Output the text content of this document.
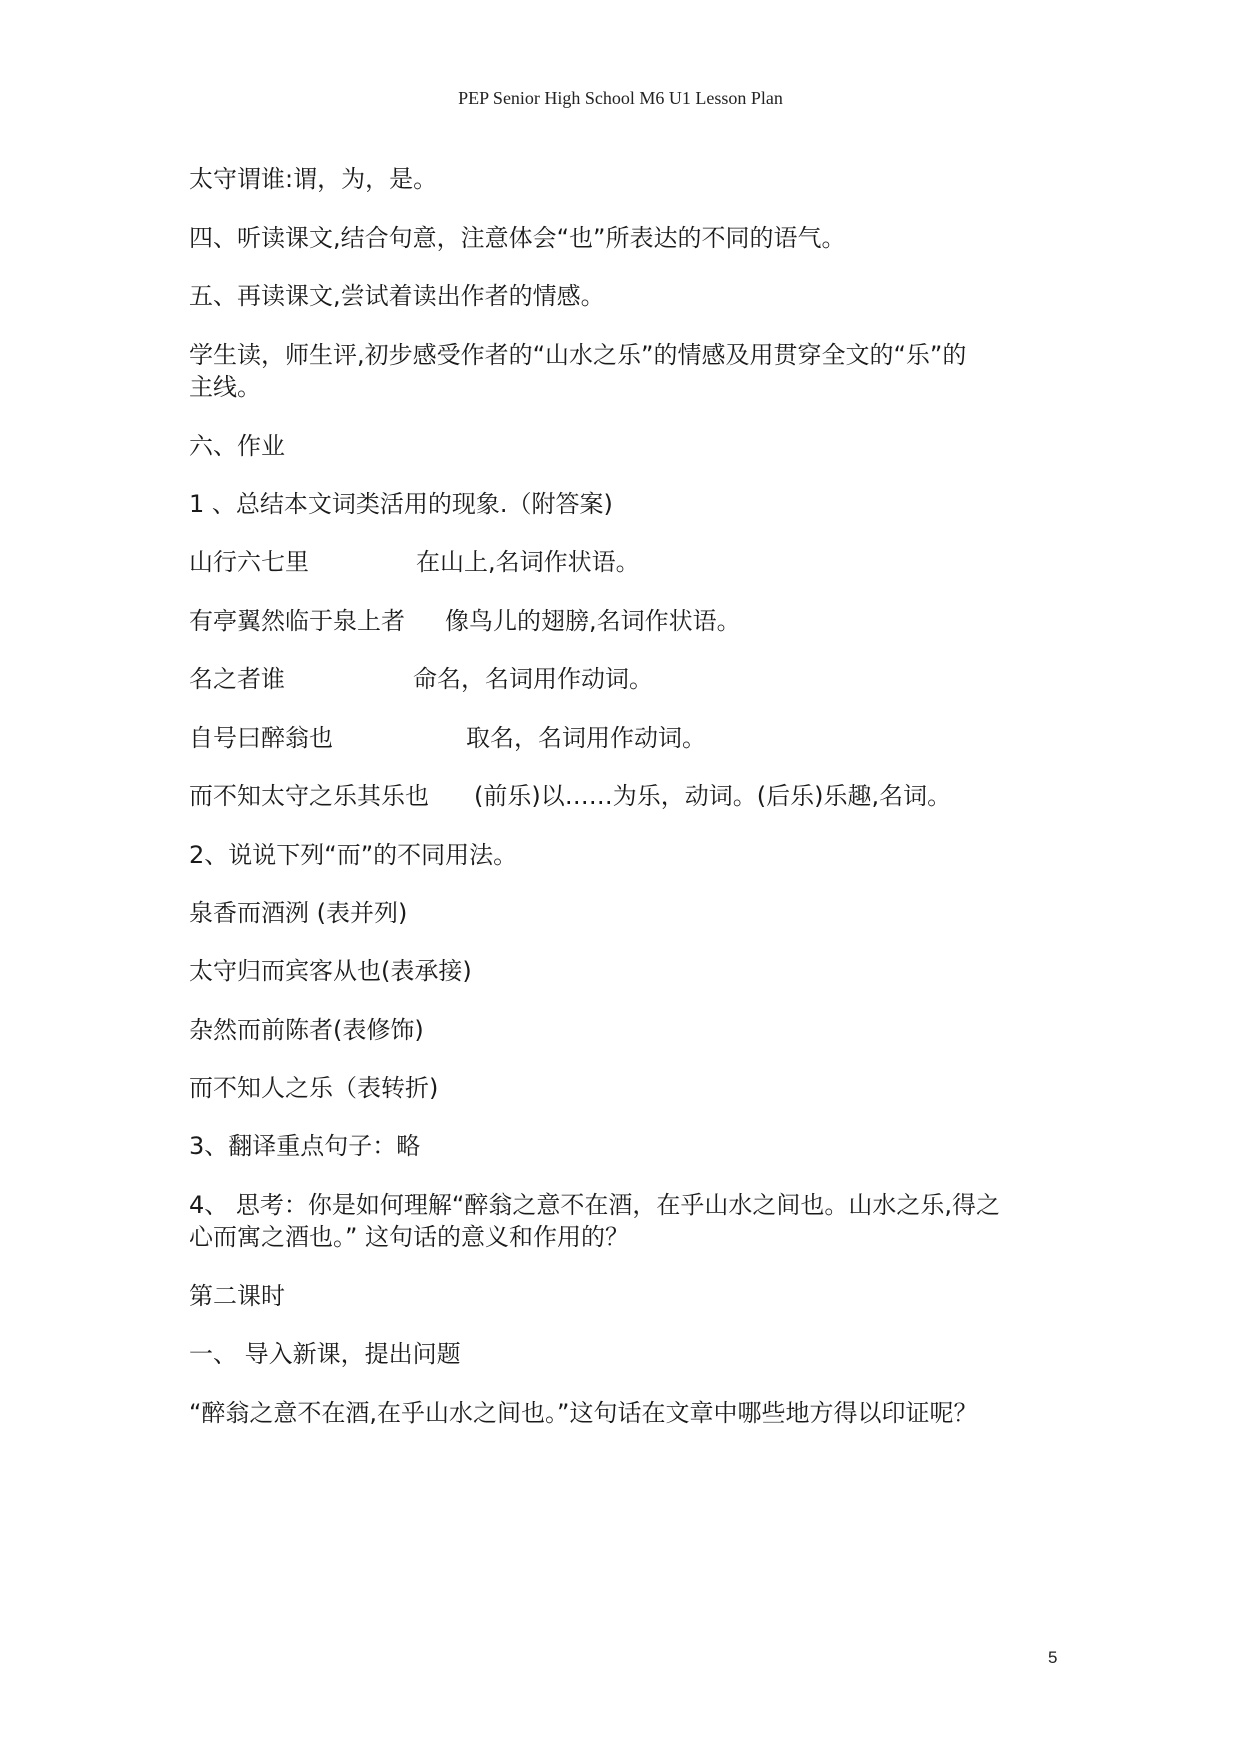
PEP Senior High School M6 U1 Lesson Plan
太守谓谁:谓，为，是。
四、听读课文,结合句意，注意体会“也”所表达的不同的语气。
五、再读课文,尝试着读出作者的情感。
学生读，师生评,初步感受作者的“山水之乐”的情感及用贯穿全文的“乐”的
主线。
六、作业
1 、总结本文词类活用的现象.（附答案)
山行六七里	在山上,名词作状语。
有亭翼然临于泉上者 像鸟儿的翅膀,名词作状语。
名之者谁	命名，名词用作动词。
自号曰醉翁也	取名，名词用作动词。
而不知太守之乐其乐也 (前乐)以……为乐，动词。(后乐)乐趣,名词。
2、说说下列“而”的不同用法。
泉香而酒洌 (表并列)
太守归而宾客从也(表承接)
杂然而前陈者(表修饰)
而不知人之乐（表转折)
3、翻译重点句子：略
4、 思考：你是如何理解“醉翁之意不在酒，在乎山水之间也。山水之乐,得之
心而寓之酒也。” 这句话的意义和作用的？
第二课时
一、 导入新课，提出问题
“醉翁之意不在酒,在乎山水之间也。”这句话在文章中哪些地方得以印证呢？
5
